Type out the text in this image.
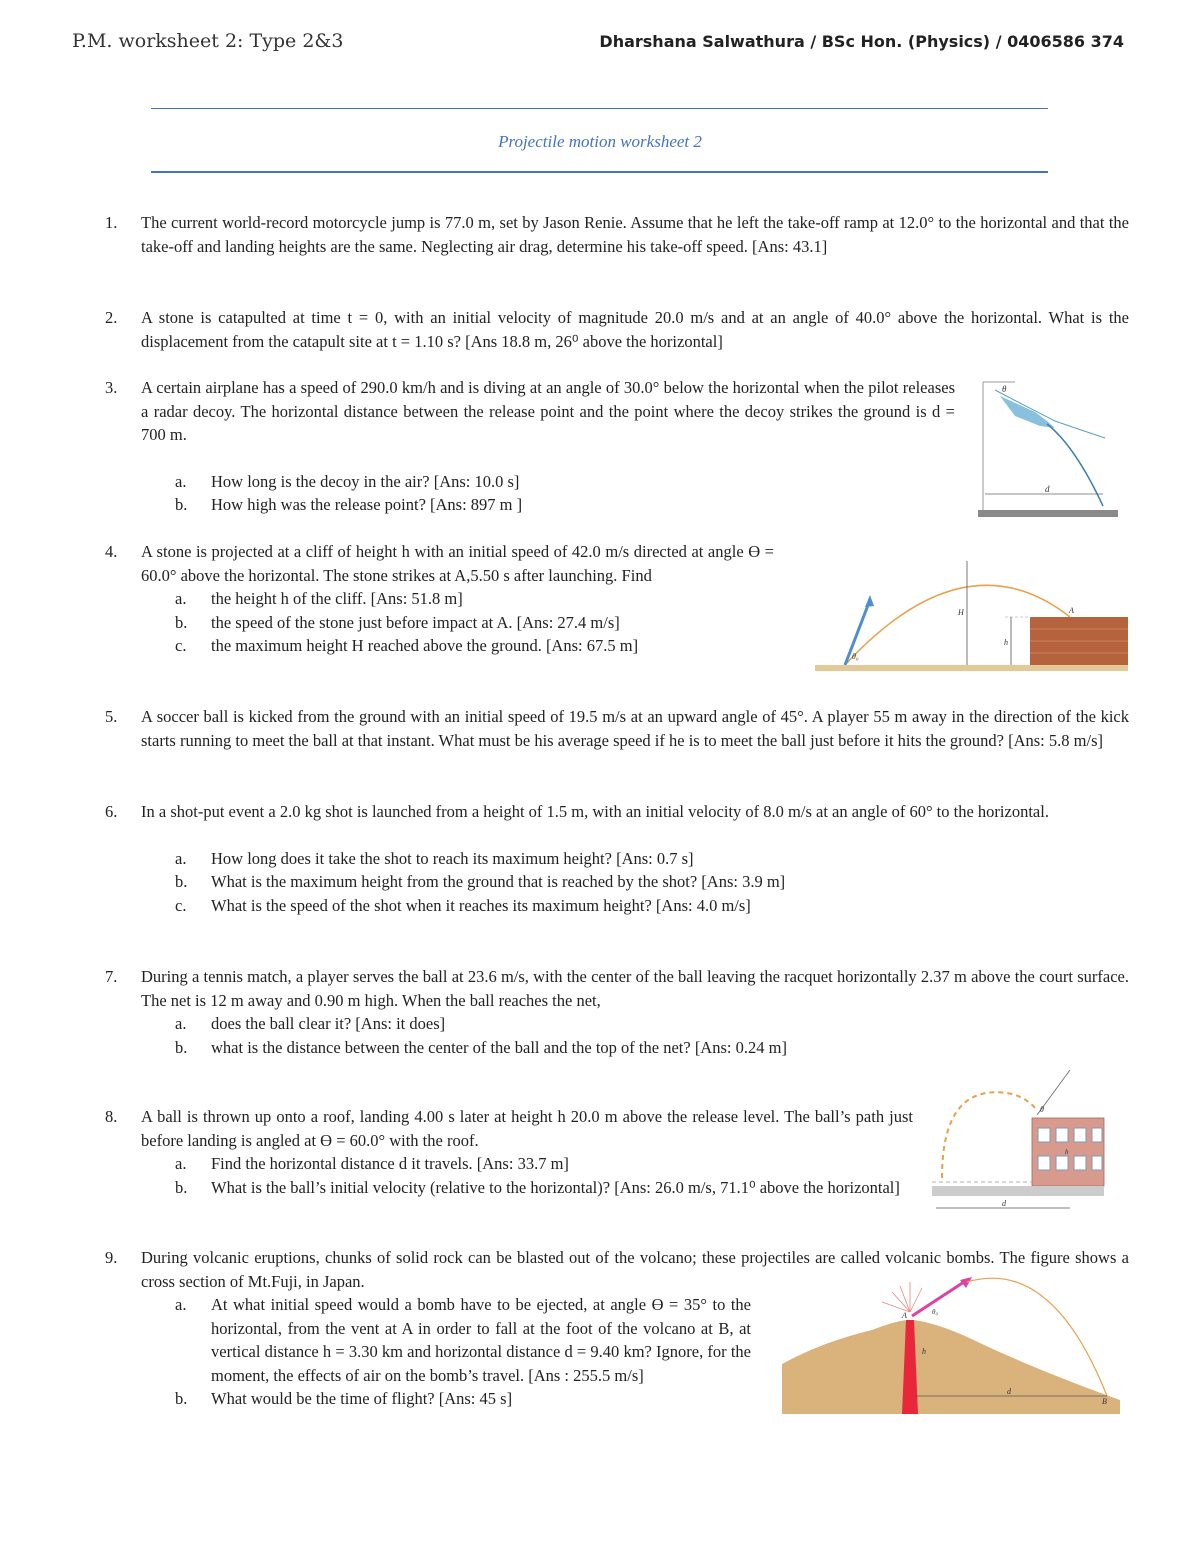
P.M. worksheet 2: Type 2&3	Dharshana Salwathura / BSc Hon. (Physics) / 0406586 374
Projectile motion worksheet 2
1. The current world-record motorcycle jump is 77.0 m, set by Jason Renie. Assume that he left the take-off ramp at 12.0° to the horizontal and that the take-off and landing heights are the same. Neglecting air drag, determine his take-off speed. [Ans: 43.1]
2. A stone is catapulted at time t = 0, with an initial velocity of magnitude 20.0 m/s and at an angle of 40.0° above the horizontal. What is the displacement from the catapult site at t = 1.10 s? [Ans 18.8 m, 26⁰ above the horizontal]
3. A certain airplane has a speed of 290.0 km/h and is diving at an angle of 30.0° below the horizontal when the pilot releases a radar decoy. The horizontal distance between the release point and the point where the decoy strikes the ground is d = 700 m.
a. How long is the decoy in the air? [Ans: 10.0 s]
b. How high was the release point? [Ans: 897 m ]
θ
d
4. A stone is projected at a cliff of height h with an initial speed of 42.0 m/s directed at angle ϴ = 60.0° above the horizontal. The stone strikes at A,5.50 s after launching. Find
a. the height h of the cliff. [Ans: 51.8 m]
b. the speed of the stone just before impact at A. [Ans: 27.4 m/s]
c. the maximum height H reached above the ground. [Ans: 67.5 m]
θ₀
H
h
A
5. A soccer ball is kicked from the ground with an initial speed of 19.5 m/s at an upward angle of 45°. A player 55 m away in the direction of the kick starts running to meet the ball at that instant. What must be his average speed if he is to meet the ball just before it hits the ground? [Ans: 5.8 m/s]
6. In a shot-put event a 2.0 kg shot is launched from a height of 1.5 m, with an initial velocity of 8.0 m/s at an angle of 60° to the horizontal.
a. How long does it take the shot to reach its maximum height? [Ans: 0.7 s]
b. What is the maximum height from the ground that is reached by the shot? [Ans: 3.9 m]
c. What is the speed of the shot when it reaches its maximum height? [Ans: 4.0 m/s]
7. During a tennis match, a player serves the ball at 23.6 m/s, with the center of the ball leaving the racquet horizontally 2.37 m above the court surface. The net is 12 m away and 0.90 m high. When the ball reaches the net,
a. does the ball clear it? [Ans: it does]
b. what is the distance between the center of the ball and the top of the net? [Ans: 0.24 m]
8. A ball is thrown up onto a roof, landing 4.00 s later at height h 20.0 m above the release level. The ball’s path just before landing is angled at ϴ = 60.0° with the roof.
a. Find the horizontal distance d it travels. [Ans: 33.7 m]
b. What is the ball’s initial velocity (relative to the horizontal)? [Ans: 26.0 m/s, 71.1⁰ above the horizontal]
θ
h
d
9. During volcanic eruptions, chunks of solid rock can be blasted out of the volcano; these projectiles are called volcanic bombs. The figure shows a cross section of Mt.Fuji, in Japan.
a. At what initial speed would a bomb have to be ejected, at angle ϴ = 35° to the horizontal, from the vent at A in order to fall at the foot of the volcano at B, at vertical distance h = 3.30 km and horizontal distance d = 9.40 km? Ignore, for the moment, the effects of air on the bomb’s travel. [Ans : 255.5 m/s]
b. What would be the time of flight? [Ans: 45 s]
A	θ₀
d
h
B
